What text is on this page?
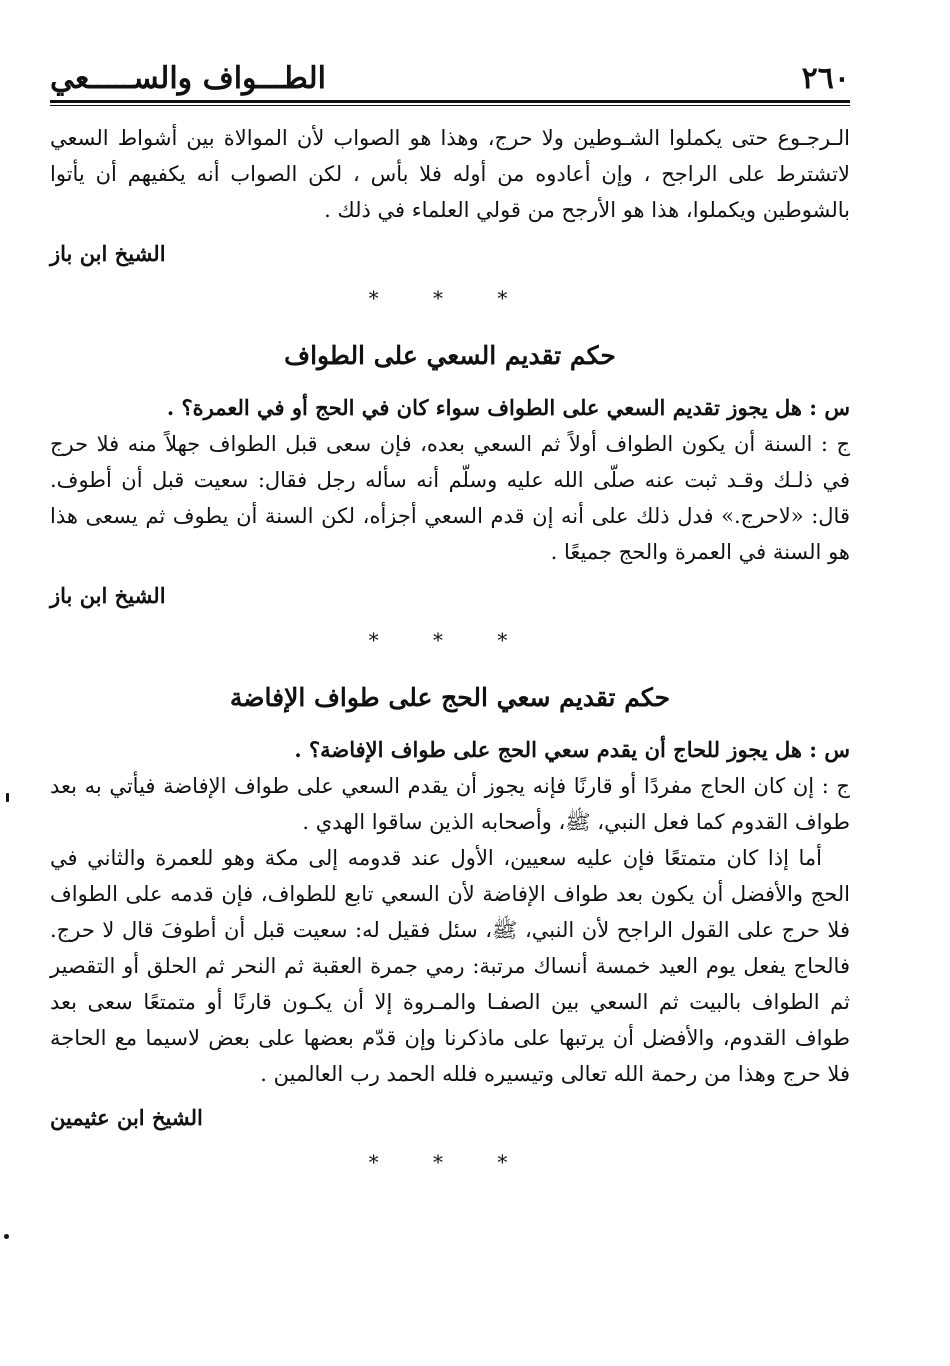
٢٦٠
الطـــواف والســـــعي

الـرجـوع حتى يكملوا الشـوطين ولا حرج، وهذا هو الصواب لأن الموالاة بين أشواط السعي لاتشترط على الراجح ، وإن أعادوه من أوله فلا بأس ، لكن الصواب أنه يكفيهم أن يأتوا بالشوطين ويكملوا، هذا هو الأرجح من قولي العلماء في ذلك .

الشيخ ابن باز
* * *
حكم تقديم السعي على الطواف

س : هل يجوز تقديم السعي على الطواف سواء كان في الحج أو في العمرة؟ .

ج : السنة أن يكون الطواف أولاً ثم السعي بعده، فإن سعى قبل الطواف جهلاً منه فلا حرج في ذلـك وقـد ثبت عنه صلّى الله عليه وسلّم أنه سأله رجل فقال: سعيت قبل أن أطوف. قال: «لاحرج.» فدل ذلك على أنه إن قدم السعي أجزأه، لكن السنة أن يطوف ثم يسعى هذا هو السنة في العمرة والحج جميعًا .

الشيخ ابن باز
* * *
حكم تقديم سعي الحج على طواف الإفاضة

س : هل يجوز للحاج أن يقدم سعي الحج على طواف الإفاضة؟ .

ج : إن كان الحاج مفردًا أو قارنًا فإنه يجوز أن يقدم السعي على طواف الإفاضة فيأتي به بعد طواف القدوم كما فعل النبي، ﷺ، وأصحابه الذين ساقوا الهدي .

أما إذا كان متمتعًا فإن عليه سعيين، الأول عند قدومه إلى مكة وهو للعمرة والثاني في الحج والأفضل أن يكون بعد طواف الإفاضة لأن السعي تابع للطواف، فإن قدمه على الطواف فلا حرج على القول الراجح لأن النبي، ﷺ، سئل فقيل له: سعيت قبل أن أطوفَ قال لا حرج. فالحاج يفعل يوم العيد خمسة أنساك مرتبة: رمي جمرة العقبة ثم النحر ثم الحلق أو التقصير ثم الطواف بالبيت ثم السعي بين الصفـا والمـروة إلا أن يكـون قارنًا أو متمتعًا سعى بعد طواف القدوم، والأفضل أن يرتبها على ماذكرنا وإن قدّم بعضها على بعض لاسيما مع الحاجة فلا حرج وهذا من رحمة الله تعالى وتيسيره فلله الحمد رب العالمين .

الشيخ ابن عثيمين
* * *
